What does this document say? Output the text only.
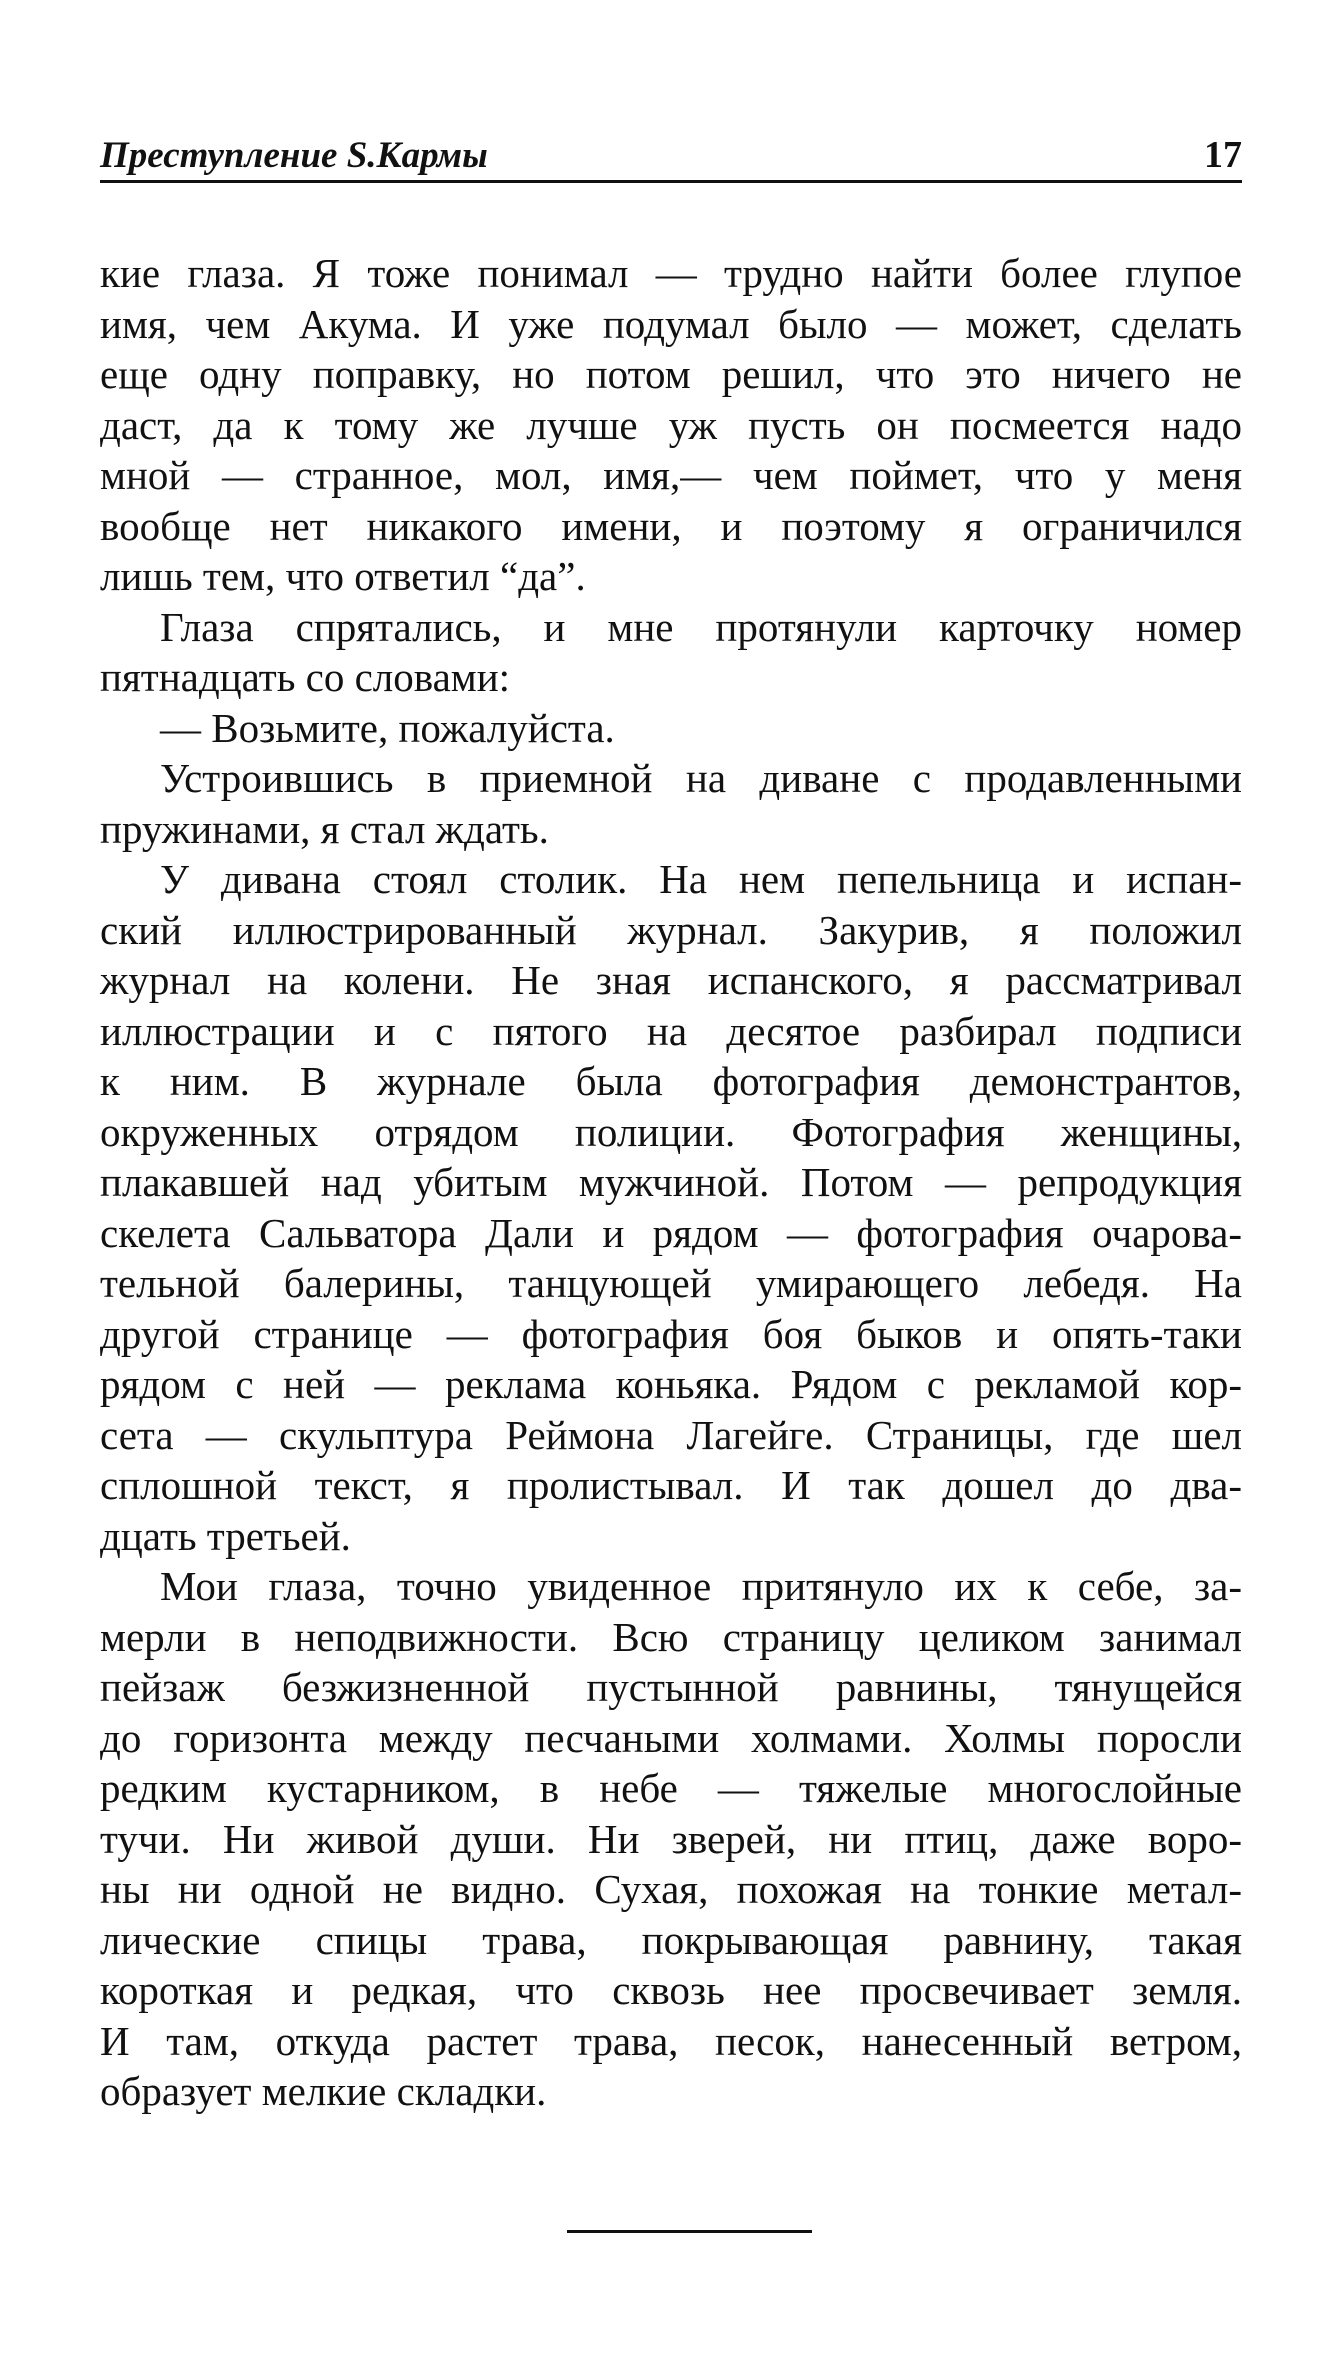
Преступление S.Кармы	17
кие глаза. Я тоже понимал — трудно найти более глупое
имя, чем Акума. И уже подумал было — может, сделать
еще одну поправку, но потом решил, что это ничего не
даст, да к тому же лучше уж пусть он посмеется надо
мной — странное, мол, имя,— чем поймет, что у меня
вообще нет никакого имени, и поэтому я ограничился
лишь тем, что ответил “да”.
Глаза спрятались, и мне протянули карточку номер
пятнадцать со словами:
— Возьмите, пожалуйста.
Устроившись в приемной на диване с продавленными
пружинами, я стал ждать.
У дивана стоял столик. На нем пепельница и испан-
ский иллюстрированный журнал. Закурив, я положил
журнал на колени. Не зная испанского, я рассматривал
иллюстрации и с пятого на десятое разбирал подписи
к ним. В журнале была фотография демонстрантов,
окруженных отрядом полиции. Фотография женщины,
плакавшей над убитым мужчиной. Потом — репродукция
скелета Сальватора Дали и рядом — фотография очарова-
тельной балерины, танцующей умирающего лебедя. На
другой странице — фотография боя быков и опять-таки
рядом с ней — реклама коньяка. Рядом с рекламой кор-
сета — скульптура Реймона Лагейге. Страницы, где шел
сплошной текст, я пролистывал. И так дошел до два-
дцать третьей.
Мои глаза, точно увиденное притянуло их к себе, за-
мерли в неподвижности. Всю страницу целиком занимал
пейзаж безжизненной пустынной равнины, тянущейся
до горизонта между песчаными холмами. Холмы поросли
редким кустарником, в небе — тяжелые многослойные
тучи. Ни живой души. Ни зверей, ни птиц, даже воро-
ны ни одной не видно. Сухая, похожая на тонкие метал-
лические спицы трава, покрывающая равнину, такая
короткая и редкая, что сквозь нее просвечивает земля.
И там, откуда растет трава, песок, нанесенный ветром,
образует мелкие складки.
